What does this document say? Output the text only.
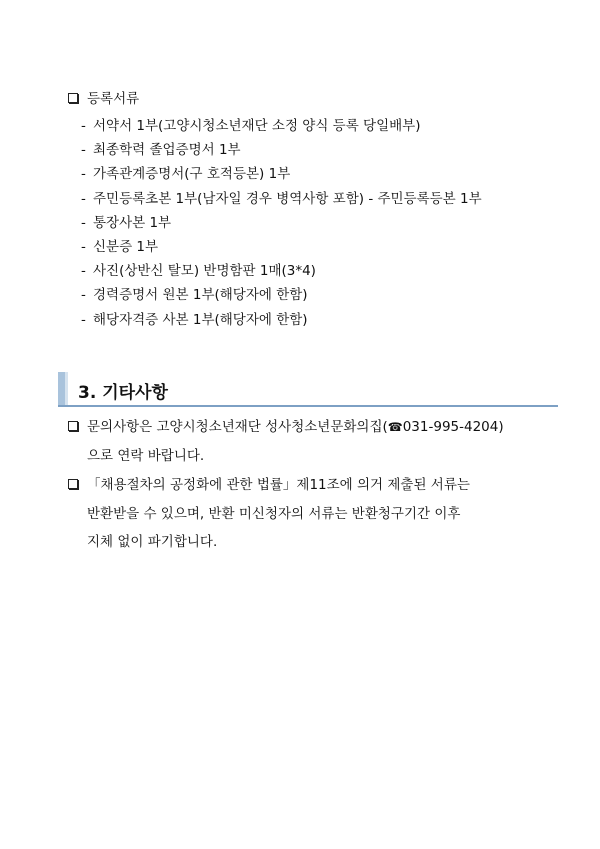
등록서류
- 서약서 1부(고양시청소년재단 소정 양식 등록 당일배부)
- 최종학력 졸업증명서 1부
- 가족관계증명서(구 호적등본) 1부
- 주민등록초본 1부(남자일 경우 병역사항 포함) - 주민등록등본 1부
- 통장사본 1부
- 신분증 1부
- 사진(상반신 탈모) 반명함판 1매(3*4)
- 경력증명서 원본 1부(해당자에 한함)
- 해당자격증 사본 1부(해당자에 한함)
3. 기타사항
문의사항은 고양시청소년재단 성사청소년문화의집(☎031-995-4204)
으로 연락 바랍니다.
「채용절차의 공정화에 관한 법률」제11조에 의거 제출된 서류는
반환받을 수 있으며, 반환 미신청자의 서류는 반환청구기간 이후
지체 없이 파기합니다.
